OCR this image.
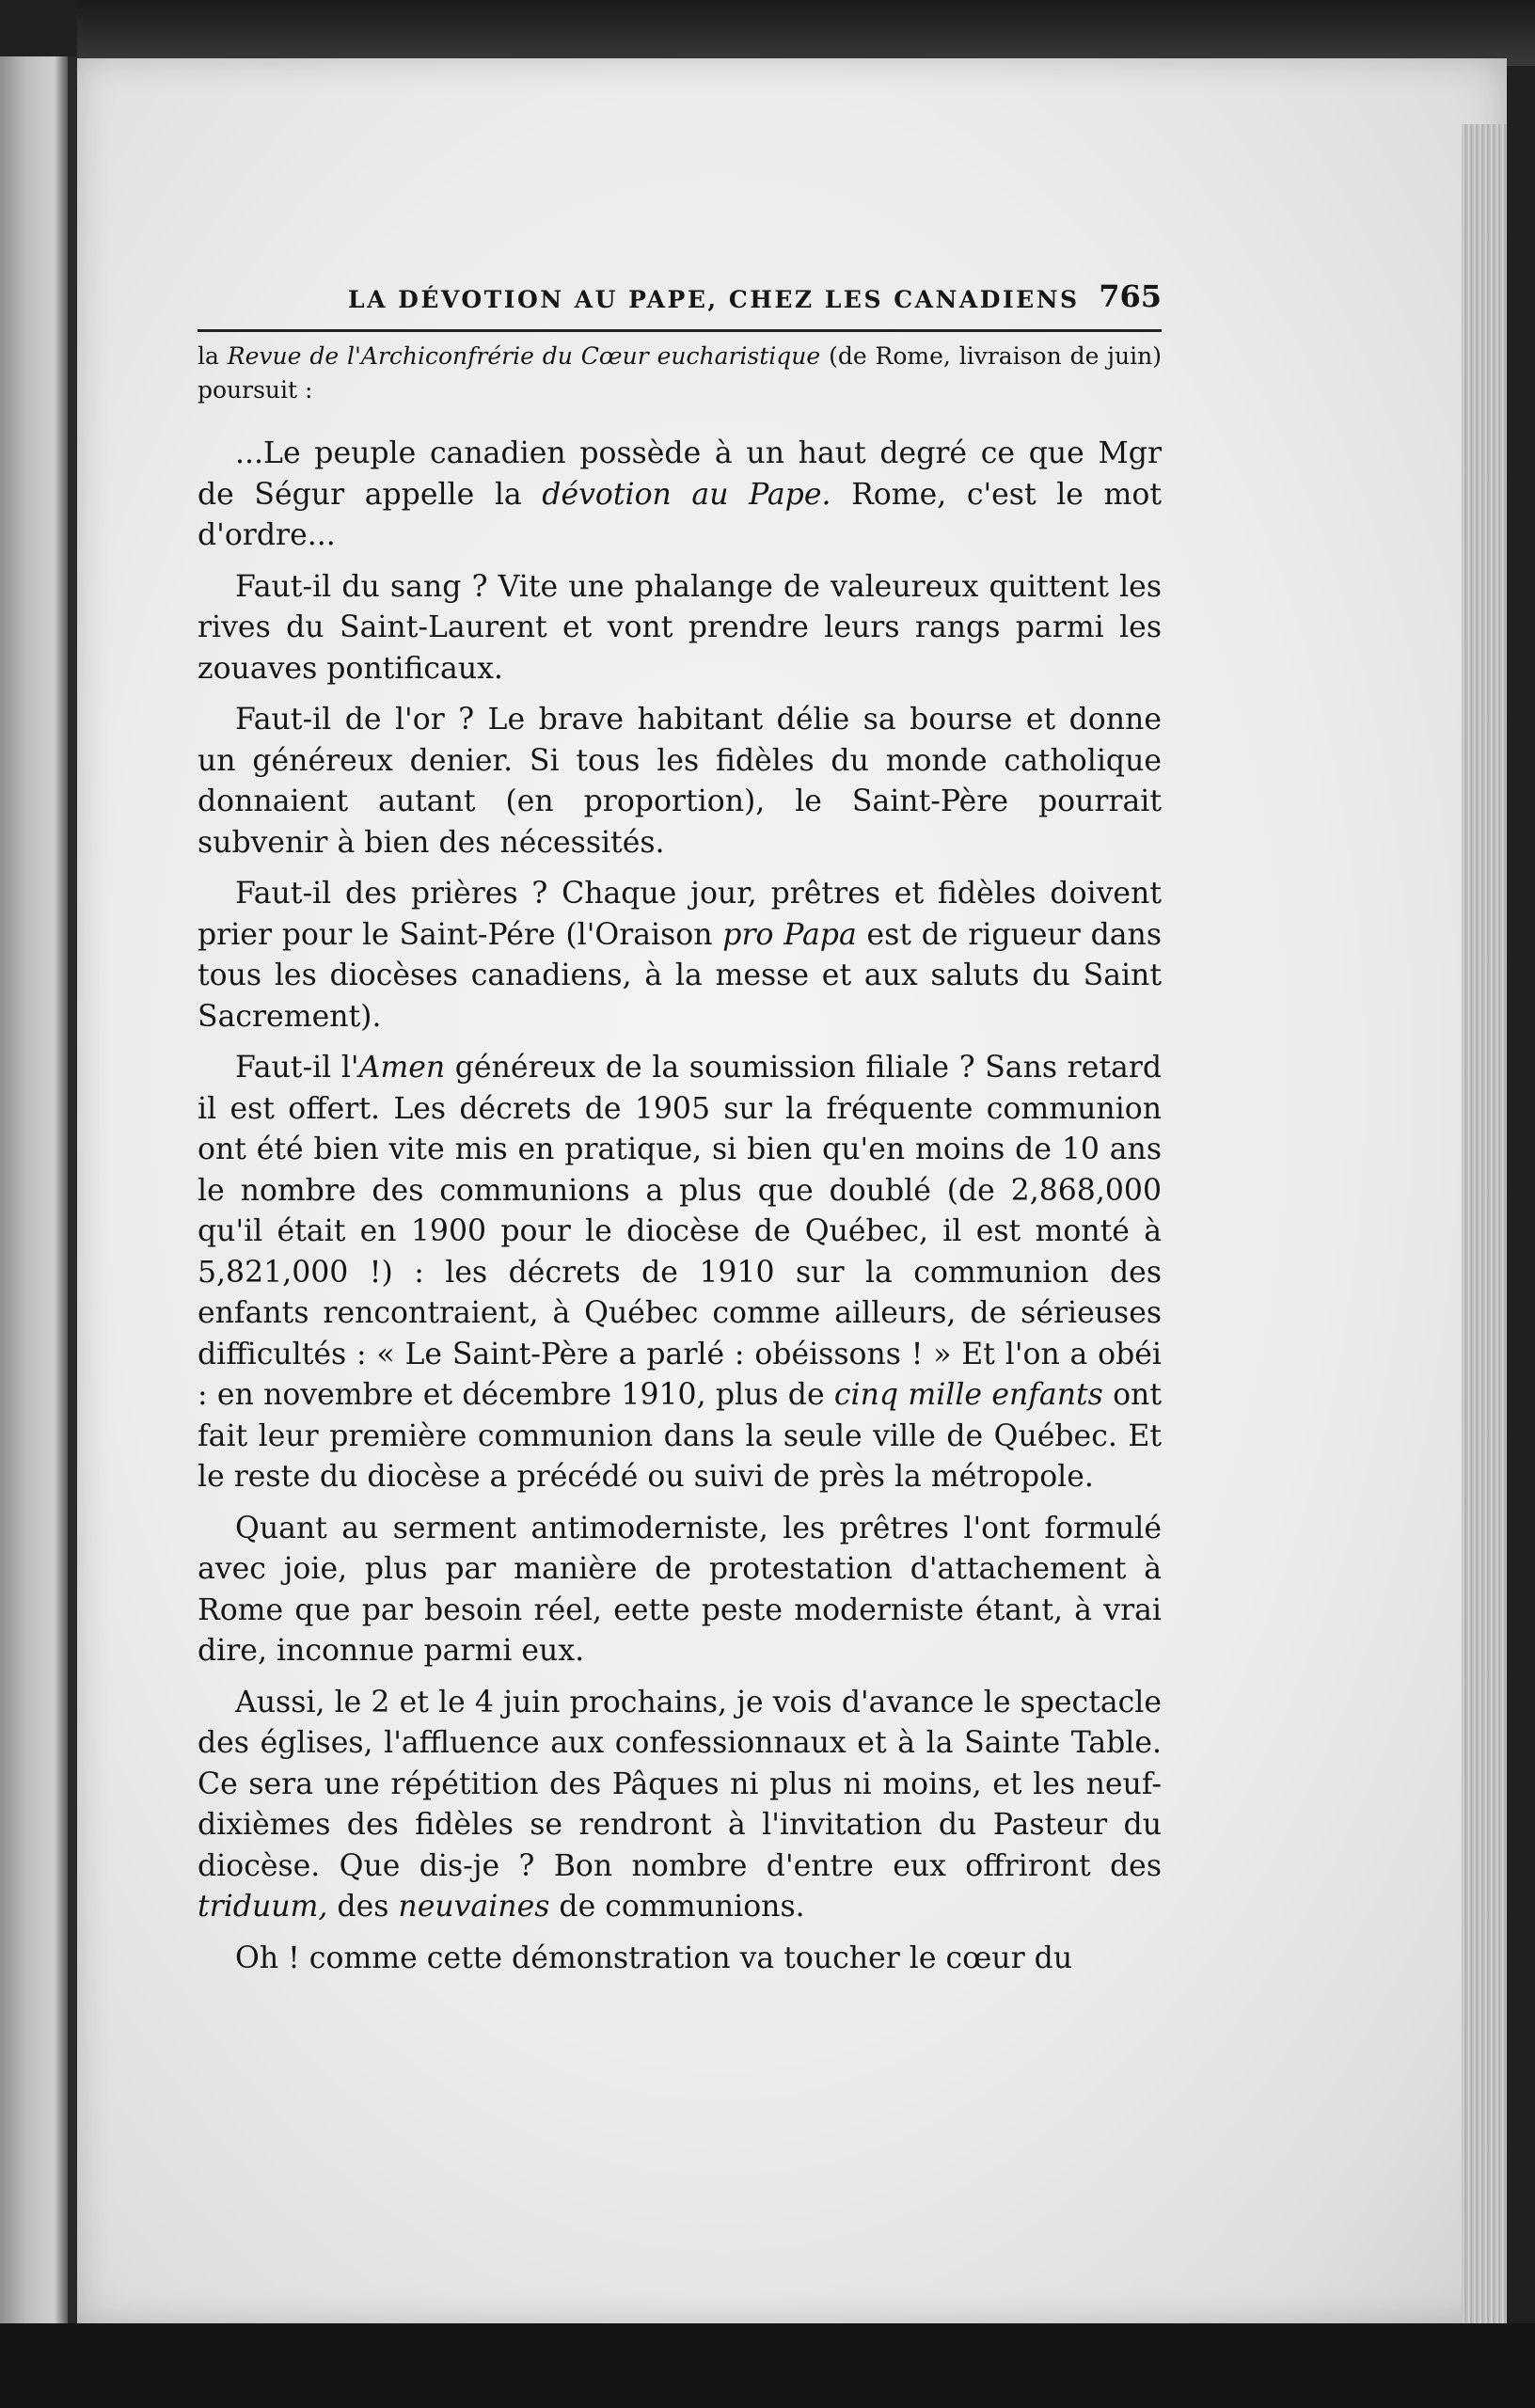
LA DÉVOTION AU PAPE, CHEZ LES CANADIENS 765

la Revue de l'Archiconfrérie du Cœur eucharistique (de Rome, livraison de juin) poursuit :

...Le peuple canadien possède à un haut degré ce que Mgr de Ségur appelle la dévotion au Pape. Rome, c'est le mot d'ordre...

Faut-il du sang ? Vite une phalange de valeureux quittent les rives du Saint-Laurent et vont prendre leurs rangs parmi les zouaves pontificaux.

Faut-il de l'or ? Le brave habitant délie sa bourse et donne un généreux denier. Si tous les fidèles du monde catholique donnaient autant (en proportion), le Saint-Père pourrait subvenir à bien des nécessités.

Faut-il des prières ? Chaque jour, prêtres et fidèles doivent prier pour le Saint-Pére (l'Oraison pro Papa est de rigueur dans tous les diocèses canadiens, à la messe et aux saluts du Saint Sacrement).

Faut-il l'Amen généreux de la soumission filiale ? Sans retard il est offert. Les décrets de 1905 sur la fréquente communion ont été bien vite mis en pratique, si bien qu'en moins de 10 ans le nombre des communions a plus que doublé (de 2,868,000 qu'il était en 1900 pour le diocèse de Québec, il est monté à 5,821,000 !) : les décrets de 1910 sur la communion des enfants rencontraient, à Québec comme ailleurs, de sérieuses difficultés : « Le Saint-Père a parlé : obéissons ! » Et l'on a obéi : en novembre et décembre 1910, plus de cinq mille enfants ont fait leur première communion dans la seule ville de Québec. Et le reste du diocèse a précédé ou suivi de près la métropole.

Quant au serment antimoderniste, les prêtres l'ont formulé avec joie, plus par manière de protestation d'attachement à Rome que par besoin réel, eette peste moderniste étant, à vrai dire, inconnue parmi eux.

Aussi, le 2 et le 4 juin prochains, je vois d'avance le spectacle des églises, l'affluence aux confessionnaux et à la Sainte Table. Ce sera une répétition des Pâques ni plus ni moins, et les neuf-dixièmes des fidèles se rendront à l'invitation du Pasteur du diocèse. Que dis-je ? Bon nombre d'entre eux offriront des triduum, des neuvaines de communions.

Oh ! comme cette démonstration va toucher le cœur du
